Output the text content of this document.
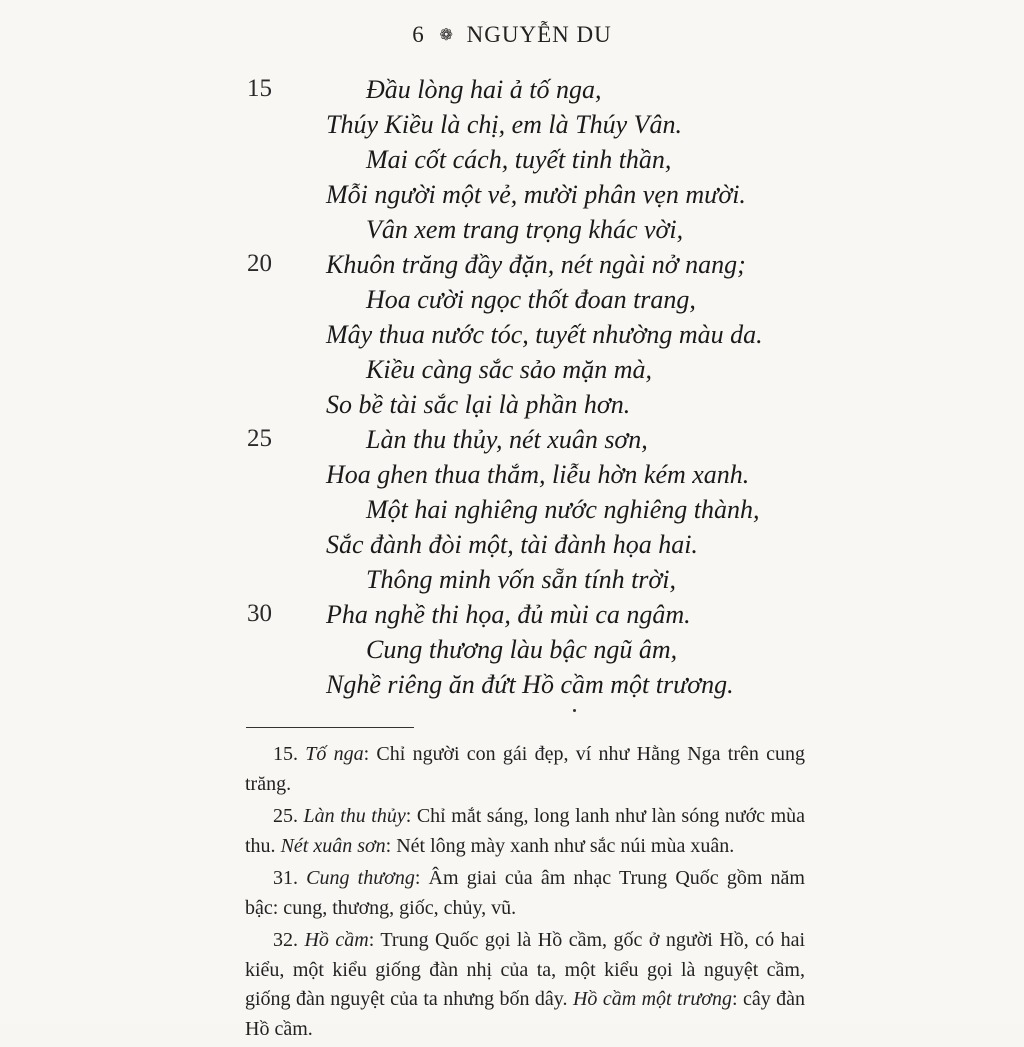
6 ❁ NGUYỄN DU
15	Đầu lòng hai ả tố nga,
Thúy Kiều là chị, em là Thúy Vân.
Mai cốt cách, tuyết tinh thần,
Mỗi người một vẻ, mười phân vẹn mười.
Vân xem trang trọng khác vời,
20 Khuôn trăng đầy đặn, nét ngài nở nang;
Hoa cười ngọc thốt đoan trang,
Mây thua nước tóc, tuyết nhường màu da.
Kiều càng sắc sảo mặn mà,
So bề tài sắc lại là phần hơn.
25	Làn thu thủy, nét xuân sơn,
Hoa ghen thua thắm, liễu hờn kém xanh.
Một hai nghiêng nước nghiêng thành,
Sắc đành đòi một, tài đành họa hai.
Thông minh vốn sẵn tính trời,
30 Pha nghề thi họa, đủ mùi ca ngâm.
Cung thương làu bậc ngũ âm,
Nghề riêng ăn đứt Hồ cầm một trương.

15. Tố nga: Chỉ người con gái đẹp, ví như Hằng Nga trên cung trăng.

25. Làn thu thủy: Chỉ mắt sáng, long lanh như làn sóng nước mùa thu. Nét xuân sơn: Nét lông mày xanh như sắc núi mùa xuân.

31. Cung thương: Âm giai của âm nhạc Trung Quốc gồm năm bậc: cung, thương, giốc, chủy, vũ.

32. Hồ cầm: Trung Quốc gọi là Hồ cầm, gốc ở người Hồ, có hai kiểu, một kiểu giống đàn nhị của ta, một kiểu gọi là nguyệt cầm, giống đàn nguyệt của ta nhưng bốn dây. Hồ cầm một trương: cây đàn Hồ cầm.
